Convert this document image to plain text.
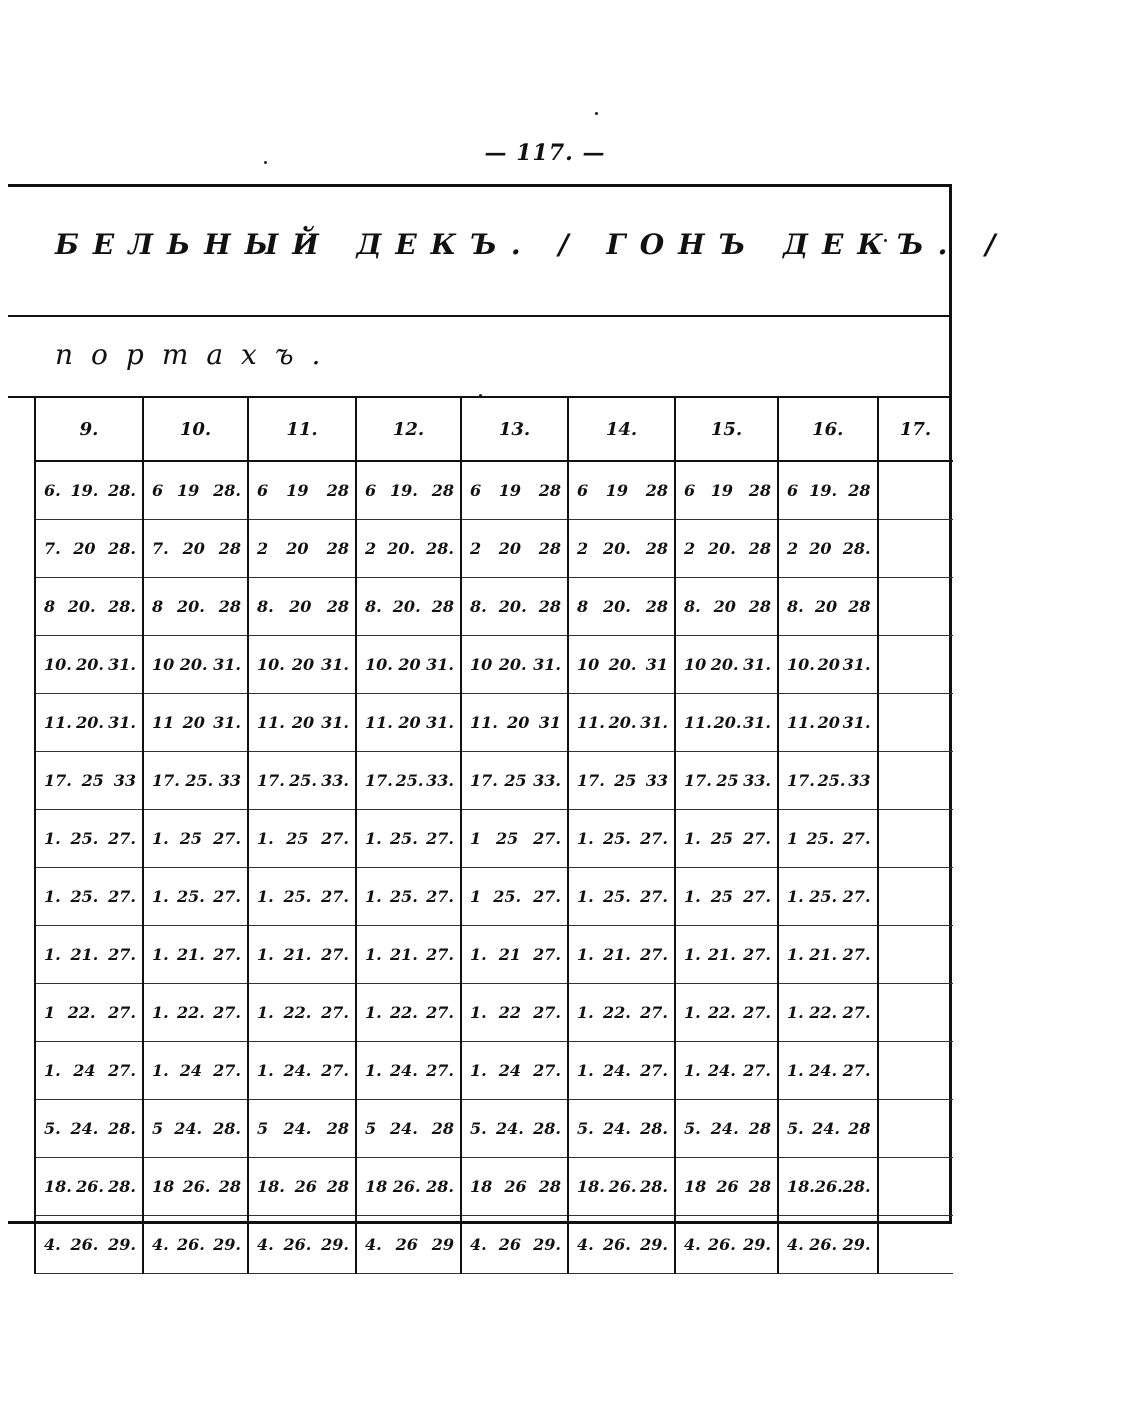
— 117. —
БЕЛЬНЫЙ ДЕКЪ. / ГОНЪ ДЕКЪ. /
портахъ.
9.	10.	11.	12.	13.	14.	15.	16.	17.

6. 19. 28.	6 19 28.	6 19 28	6 19. 28	6 19 28	6 19 28	6 19 28	6 19. 28	

7. 20 28.	7. 20 28	2 20 28	2 20. 28.	2 20 28	2 20. 28	2 20. 28	2 20 28.	

8 20. 28.	8 20. 28	8. 20 28	8. 20. 28	8. 20. 28	8 20. 28	8. 20 28	8. 20 28	

10. 20. 31.	10 20. 31.	10. 20 31.	10. 20 31.	10 20. 31.	10 20. 31	10 20. 31.	10. 20 31.	

11. 20. 31.	11 20 31.	11. 20 31.	11. 20 31.	11. 20 31	11. 20. 31.	11. 20. 31.	11. 20 31.	

17. 25 33	17. 25. 33	17. 25. 33.	17. 25. 33.	17. 25 33.	17. 25 33	17. 25 33.	17. 25. 33	

1. 25. 27.	1. 25 27.	1. 25 27.	1. 25. 27.	1 25 27.	1. 25. 27.	1. 25 27.	1 25. 27.	

1. 25. 27.	1. 25. 27.	1. 25. 27.	1. 25. 27.	1 25. 27.	1. 25. 27.	1. 25 27.	1. 25. 27.	

1. 21. 27.	1. 21. 27.	1. 21. 27.	1. 21. 27.	1. 21 27.	1. 21. 27.	1. 21. 27.	1. 21. 27.	

1 22. 27.	1. 22. 27.	1. 22. 27.	1. 22. 27.	1. 22 27.	1. 22. 27.	1. 22. 27.	1. 22. 27.	

1. 24 27.	1. 24 27.	1. 24. 27.	1. 24. 27.	1. 24 27.	1. 24. 27.	1. 24. 27.	1. 24. 27.	

5. 24. 28.	5 24. 28.	5 24. 28	5 24. 28	5. 24. 28.	5. 24. 28.	5. 24. 28	5. 24. 28	

18. 26. 28.	18 26. 28	18. 26 28	18 26. 28.	18 26 28	18. 26. 28.	18 26 28	18. 26. 28.	

4. 26. 29.	4. 26. 29.	4. 26. 29.	4. 26 29	4. 26 29.	4. 26. 29.	4. 26. 29.	4. 26. 29.	
